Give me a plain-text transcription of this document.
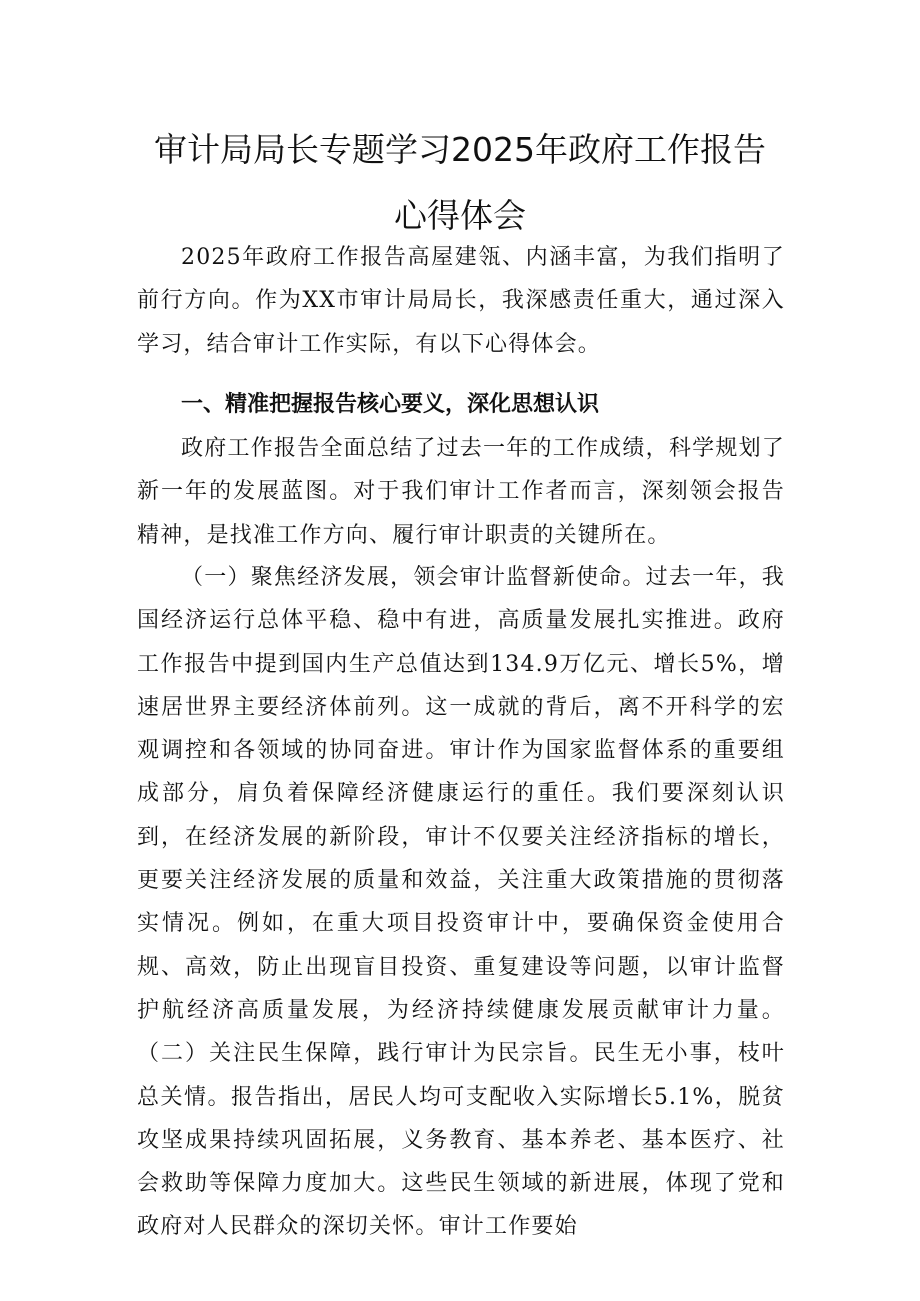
审计局局长专题学习2025年政府工作报告
心得体会

2025年政府工作报告高屋建瓴、内涵丰富，为我们指明了前行方向。作为XX市审计局局长，我深感责任重大，通过深入学习，结合审计工作实际，有以下心得体会。

一、精准把握报告核心要义，深化思想认识

政府工作报告全面总结了过去一年的工作成绩，科学规划了新一年的发展蓝图。对于我们审计工作者而言，深刻领会报告精神，是找准工作方向、履行审计职责的关键所在。

（一）聚焦经济发展，领会审计监督新使命。过去一年，我国经济运行总体平稳、稳中有进，高质量发展扎实推进。政府工作报告中提到国内生产总值达到134.9万亿元、增长5%，增速居世界主要经济体前列。这一成就的背后，离不开科学的宏观调控和各领域的协同奋进。审计作为国家监督体系的重要组成部分，肩负着保障经济健康运行的重任。我们要深刻认识到，在经济发展的新阶段，审计不仅要关注经济指标的增长，更要关注经济发展的质量和效益，关注重大政策措施的贯彻落实情况。例如，在重大项目投资审计中，要确保资金使用合规、高效，防止出现盲目投资、重复建设等问题，以审计监督护航经济高质量发展，为经济持续健康发展贡献审计力量。（二）关注民生保障，践行审计为民宗旨。民生无小事，枝叶总关情。报告指出，居民人均可支配收入实际增长5.1%，脱贫攻坚成果持续巩固拓展，义务教育、基本养老、基本医疗、社会救助等保障力度加大。这些民生领域的新进展，体现了党和政府对人民群众的深切关怀。审计工作要始
